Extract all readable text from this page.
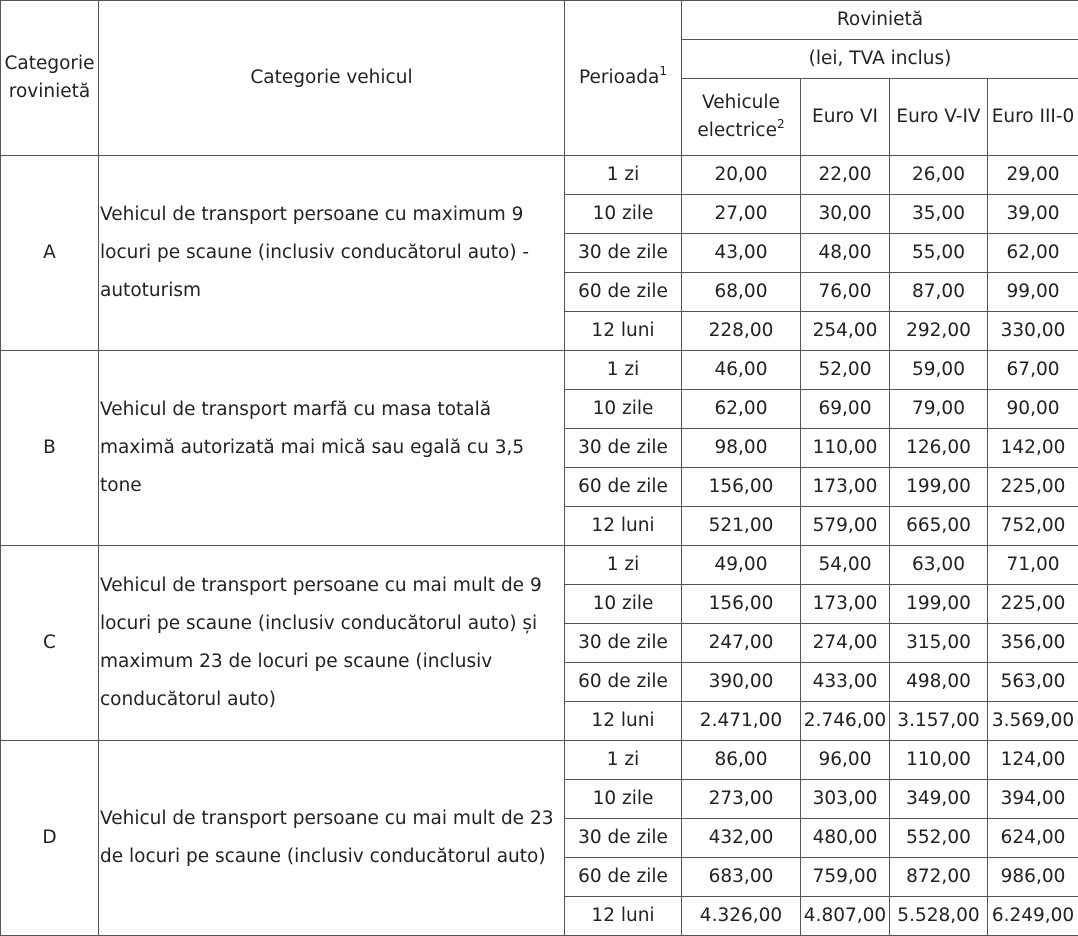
Categorie rovinietă	Categorie vehicul	Perioada$^1$	Rovinietă			
			(lei, TVA inclus)			
			Vehicule electrice$^2$	Euro VI	Euro V-IV	Euro III-0
A	Vehicul de transport persoane cu maximum 9 locuri pe scaune (inclusiv conducătorul auto) - autoturism	1 zi	20,00	22,00	26,00	29,00
		10 zile	27,00	30,00	35,00	39,00
		30 de zile	43,00	48,00	55,00	62,00
		60 de zile	68,00	76,00	87,00	99,00
		12 luni	228,00	254,00	292,00	330,00
B	Vehicul de transport marfă cu masa totală maximă autorizată mai mică sau egală cu 3,5 tone	1 zi	46,00	52,00	59,00	67,00
		10 zile	62,00	69,00	79,00	90,00
		30 de zile	98,00	110,00	126,00	142,00
		60 de zile	156,00	173,00	199,00	225,00
		12 luni	521,00	579,00	665,00	752,00
C	Vehicul de transport persoane cu mai mult de 9 locuri pe scaune (inclusiv conducătorul auto) și maximum 23 de locuri pe scaune (inclusiv conducătorul auto)	1 zi	49,00	54,00	63,00	71,00
		10 zile	156,00	173,00	199,00	225,00
		30 de zile	247,00	274,00	315,00	356,00
		60 de zile	390,00	433,00	498,00	563,00
		12 luni	2.471,00	2.746,00	3.157,00	3.569,00
D	Vehicul de transport persoane cu mai mult de 23 de locuri pe scaune (inclusiv conducătorul auto)	1 zi	86,00	96,00	110,00	124,00
		10 zile	273,00	303,00	349,00	394,00
		30 de zile	432,00	480,00	552,00	624,00
		60 de zile	683,00	759,00	872,00	986,00
		12 luni	4.326,00	4.807,00	5.528,00	6.249,00
